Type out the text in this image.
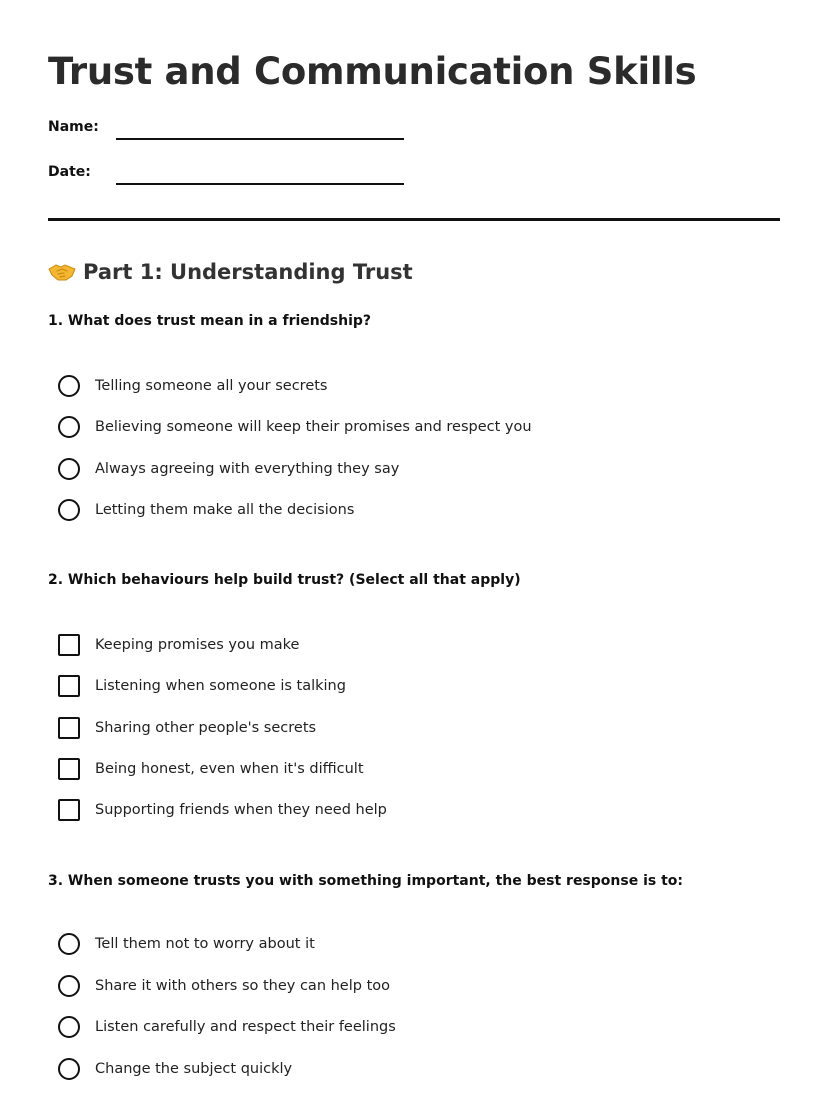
Trust and Communication Skills
Name:
Date:
Part 1: Understanding Trust
1. What does trust mean in a friendship?
Telling someone all your secrets
Believing someone will keep their promises and respect you
Always agreeing with everything they say
Letting them make all the decisions
2. Which behaviours help build trust? (Select all that apply)
Keeping promises you make
Listening when someone is talking
Sharing other people's secrets
Being honest, even when it's difficult
Supporting friends when they need help
3. When someone trusts you with something important, the best response is to:
Tell them not to worry about it
Share it with others so they can help too
Listen carefully and respect their feelings
Change the subject quickly
